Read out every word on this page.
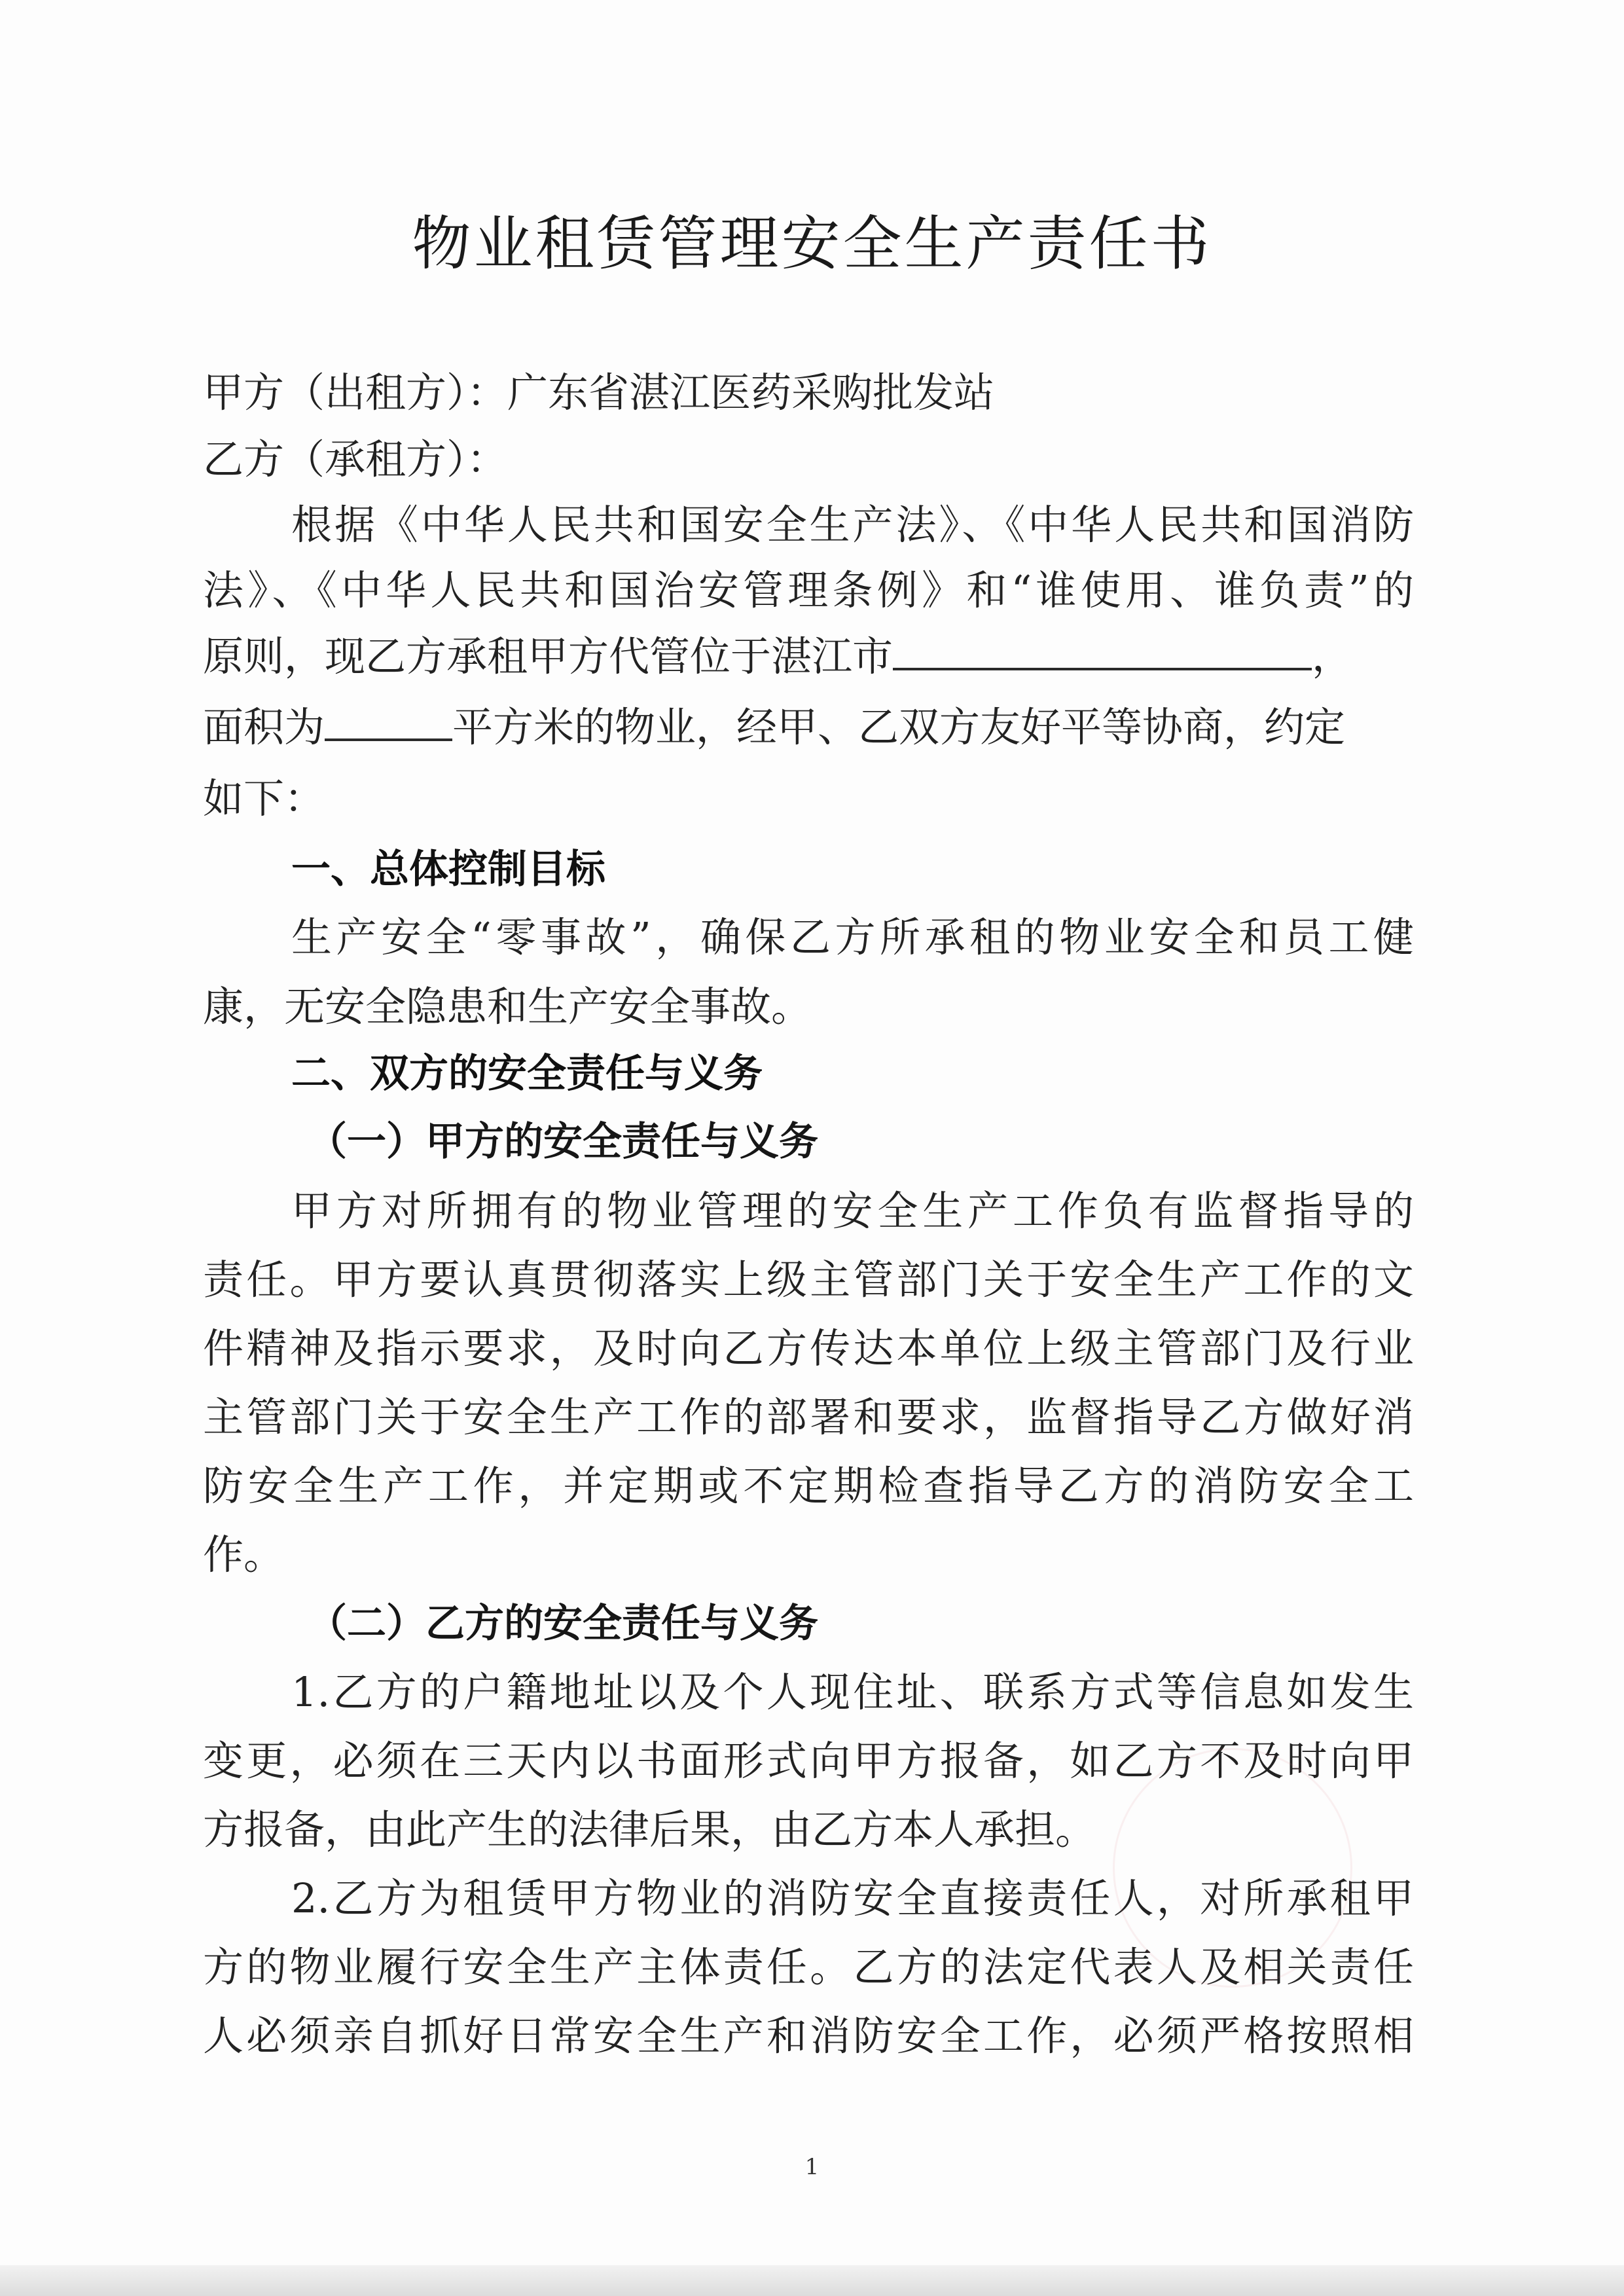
物业租赁管理安全生产责任书
甲方（出租方）：广东省湛江医药采购批发站
乙方（承租方）：
根据《中华人民共和国安全生产法》、《中华人民共和国消防
法》、《中华人民共和国治安管理条例》和“谁使用、谁负责”的
原则，现乙方承租甲方代管位于湛江市	，
面积为	平方米的物业，经甲、乙双方友好平等协商，约定
如下：
一、总体控制目标
生产安全“零事故”，确保乙方所承租的物业安全和员工健
康，无安全隐患和生产安全事故。
二、双方的安全责任与义务
（一）甲方的安全责任与义务
甲方对所拥有的物业管理的安全生产工作负有监督指导的
责任。甲方要认真贯彻落实上级主管部门关于安全生产工作的文
件精神及指示要求，及时向乙方传达本单位上级主管部门及行业
主管部门关于安全生产工作的部署和要求，监督指导乙方做好消
防安全生产工作，并定期或不定期检查指导乙方的消防安全工
作。
（二）乙方的安全责任与义务
1.乙方的户籍地址以及个人现住址、联系方式等信息如发生
变更，必须在三天内以书面形式向甲方报备，如乙方不及时向甲
方报备，由此产生的法律后果，由乙方本人承担。
2.乙方为租赁甲方物业的消防安全直接责任人，对所承租甲
方的物业履行安全生产主体责任。乙方的法定代表人及相关责任
人必须亲自抓好日常安全生产和消防安全工作，必须严格按照相
1
